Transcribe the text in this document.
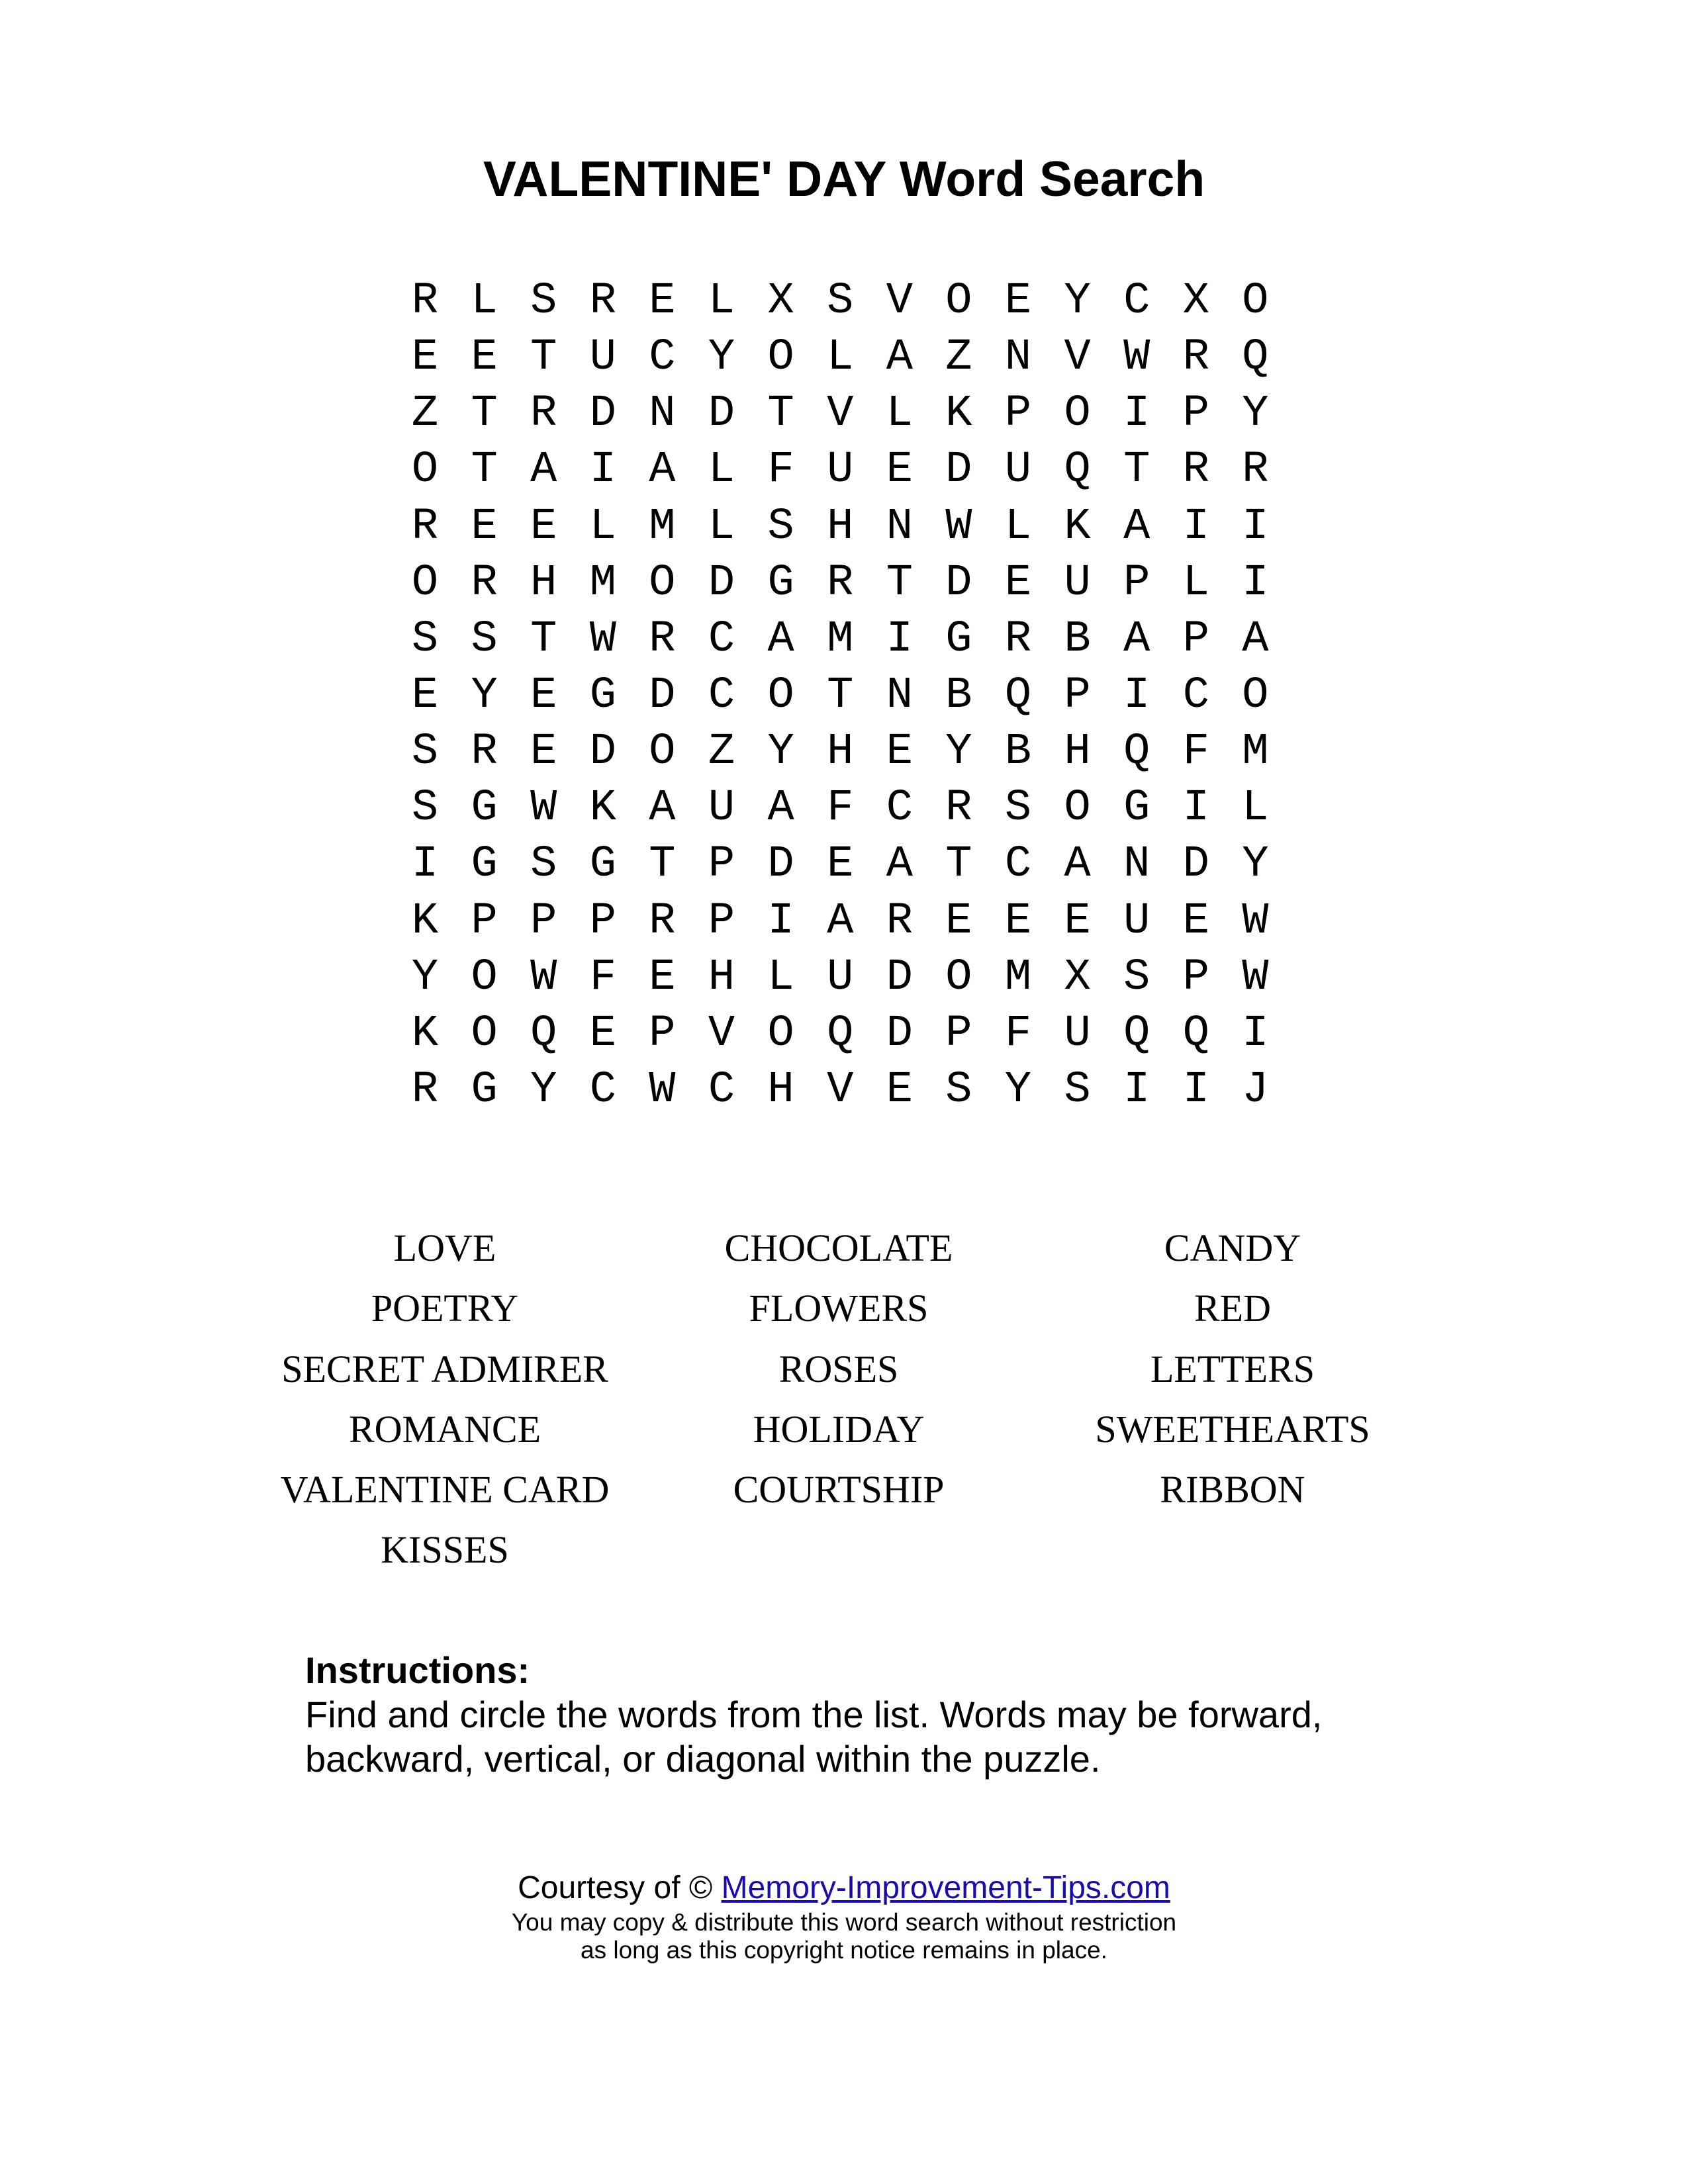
VALENTINE' DAY Word Search
R L S R E L X S V O E Y C X O
E E T U C Y O L A Z N V W R Q
Z T R D N D T V L K P O I P Y
O T A I A L F U E D U Q T R R
R E E L M L S H N W L K A I I
O R H M O D G R T D E U P L I
S S T W R C A M I G R B A P A
E Y E G D C O T N B Q P I C O
S R E D O Z Y H E Y B H Q F M
S G W K A U A F C R S O G I L
I G S G T P D E A T C A N D Y
K P P P R P I A R E E E U E W
Y O W F E H L U D O M X S P W
K O Q E P V O Q D P F U Q Q I
R G Y C W C H V E S Y S I I J
LOVE
POETRY
SECRET ADMIRER
ROMANCE
VALENTINE CARD
KISSES
CHOCOLATE
FLOWERS
ROSES
HOLIDAY
COURTSHIP
CANDY
RED
LETTERS
SWEETHEARTS
RIBBON
Instructions:
Find and circle the words from the list. Words may be forward,
backward, vertical, or diagonal within the puzzle.
Courtesy of © Memory-Improvement-Tips.com
You may copy & distribute this word search without restriction
as long as this copyright notice remains in place.
